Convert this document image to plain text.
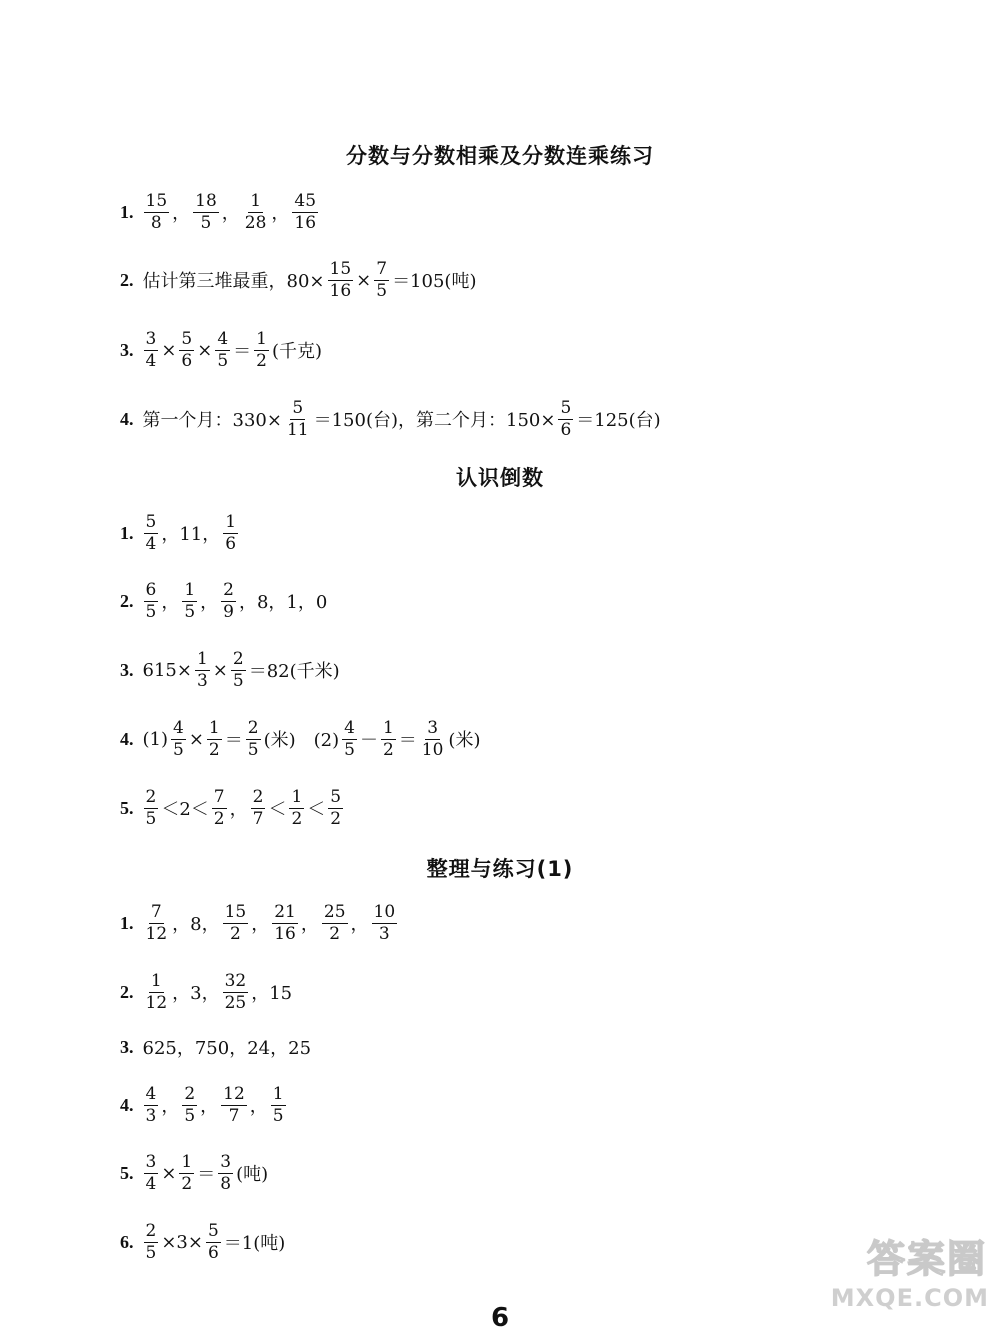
分数与分数相乘及分数连乘练习
1. $\frac{15}{8}$ ， $\frac{18}{5}$ ， $\frac{1}{28}$ ， $\frac{45}{16}$
2. 估计第三堆最重，$80\times \frac{15}{16} \times \frac{7}{5} =105$(吨)
3. $\frac{3}{4} \times \frac{5}{6} \times \frac{4}{5} = \frac{1}{2}$ (千克)
4. 第一个月：$330\times \frac{5}{11} =150$(台)，第二个月：$150\times \frac{5}{6} =125$(台)
认识倒数
1. $\frac{5}{4}$ ，11， $\frac{1}{6}$
2. $\frac{6}{5}$ ， $\frac{1}{5}$ ， $\frac{2}{9}$ ，8，1，0
3. $615\times \frac{1}{3} \times \frac{2}{5} =82$(千米)
4. $(1) \frac{4}{5} \times \frac{1}{2} = \frac{2}{5}$ (米)　$(2) \frac{4}{5} - \frac{1}{2} = \frac{3}{10}$ (米)
5. $\frac{2}{5} <2< \frac{7}{2}$ ， $\frac{2}{7} < \frac{1}{2} < \frac{5}{2}$
整理与练习(1)
1. $\frac{7}{12}$ ，8， $\frac{15}{2}$ ， $\frac{21}{16}$ ， $\frac{25}{2}$ ， $\frac{10}{3}$
2. $\frac{1}{12}$ ，3， $\frac{32}{25}$ ，15
3. 625，750，24，25
4. $\frac{4}{3}$ ， $\frac{2}{5}$ ， $\frac{12}{7}$ ， $\frac{1}{5}$
5. $\frac{3}{4} \times \frac{1}{2} = \frac{3}{8}$ (吨)
6. $\frac{2}{5} \times 3\times \frac{5}{6} =1$(吨)
6
答案圈
MXQE.COM
